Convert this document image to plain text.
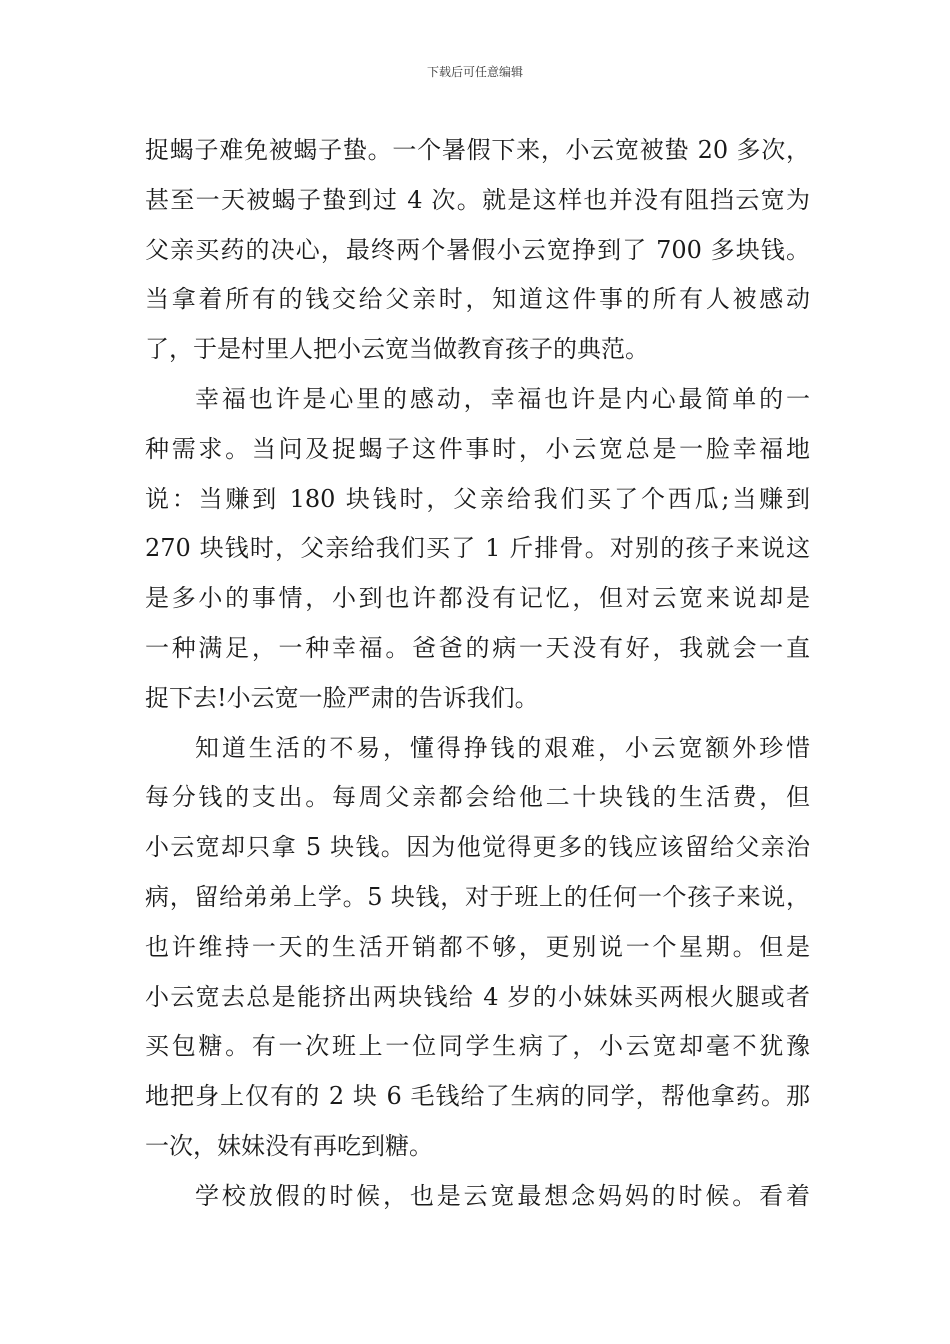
下载后可任意编辑
捉蝎子难免被蝎子蛰。一个暑假下来，小云宽被蛰 20 多次，
甚至一天被蝎子蛰到过 4 次。就是这样也并没有阻挡云宽为
父亲买药的决心，最终两个暑假小云宽挣到了 700 多块钱。
当拿着所有的钱交给父亲时，知道这件事的所有人被感动
了，于是村里人把小云宽当做教育孩子的典范。
幸福也许是心里的感动，幸福也许是内心最简单的一
种需求。当问及捉蝎子这件事时，小云宽总是一脸幸福地
说：当赚到 180 块钱时，父亲给我们买了个西瓜;当赚到
270 块钱时，父亲给我们买了 1 斤排骨。对别的孩子来说这
是多小的事情，小到也许都没有记忆，但对云宽来说却是
一种满足，一种幸福。爸爸的病一天没有好，我就会一直
捉下去!小云宽一脸严肃的告诉我们。
知道生活的不易，懂得挣钱的艰难，小云宽额外珍惜
每分钱的支出。每周父亲都会给他二十块钱的生活费，但
小云宽却只拿 5 块钱。因为他觉得更多的钱应该留给父亲治
病，留给弟弟上学。5 块钱，对于班上的任何一个孩子来说，
也许维持一天的生活开销都不够，更别说一个星期。但是
小云宽去总是能挤出两块钱给 4 岁的小妹妹买两根火腿或者
买包糖。有一次班上一位同学生病了，小云宽却毫不犹豫
地把身上仅有的 2 块 6 毛钱给了生病的同学，帮他拿药。那
一次，妹妹没有再吃到糖。
学校放假的时候，也是云宽最想念妈妈的时候。看着
